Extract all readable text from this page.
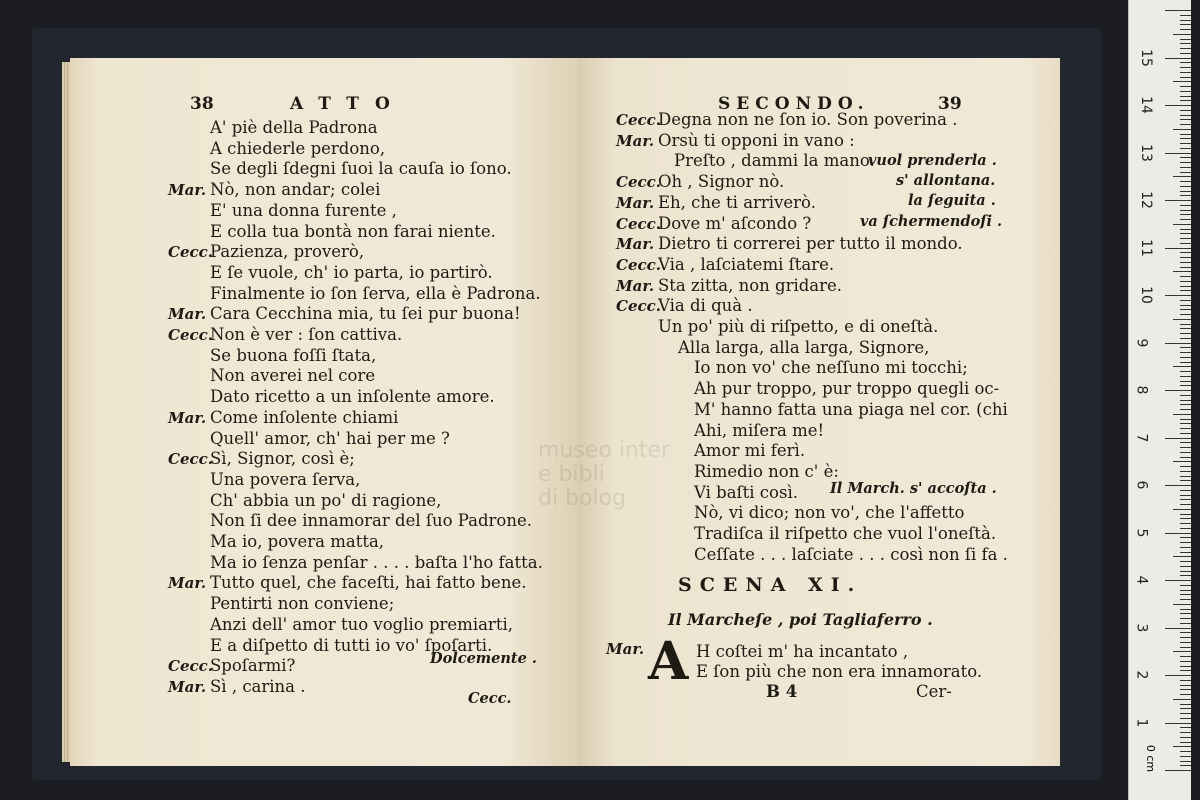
38	ATTO
A' piè della Padrona
A chiederle perdono,
Se degli ſdegni ſuoi la cauſa io ſono.
Mar. Nò, non andar; colei
E' una donna furente ,
E colla tua bontà non farai niente.
Cecc.
Pazienza, proverò,
E ſe vuole, ch' io parta, io partirò.
Finalmente io ſon ſerva, ella è Padrona.
Mar. Cara Cecchina mia, tu ſei pur buona!
Cecc.
Non è ver : ſon cattiva.
Se buona foſſi ſtata,
Non averei nel core
Dato ricetto a un inſolente amore.
Mar. Come inſolente chiami
Quell' amor, ch' hai per me ?
Cecc.
Sì, Signor, così è;
Una povera ſerva,
Ch' abbia un po' di ragione,
Non ſi dee innamorar del ſuo Padrone.
Ma io, povera matta,
Ma io ſenza penſar . . . . baſta l'ho fatta.
Mar. Tutto quel, che faceſti, hai fatto bene.
Pentirti non conviene;
Anzi dell' amor tuo voglio premiarti,
E a diſpetto di tutti io vo' ſpoſarti.
Cecc.
Spoſarmi?
Mar. Sì , carina .
Dolcemente .
Cecc.
SECONDO.	39
Cecc.
Degna non ne ſon io. Son poverina .
Mar. Orsù ti opponi in vano :
Preſto , dammi la mano.
Cecc.
Oh , Signor nò.
Mar. Eh, che ti arriverò.
Cecc.
Dove m' aſcondo ?
Mar. Dietro ti correrei per tutto il mondo.
Cecc.
Via , laſciatemi ſtare.
Mar. Sta zitta, non gridare.
Cecc.
Via di quà .
Un po' più di riſpetto, e di oneſtà.
Alla larga, alla larga, Signore,
Io non vo' che neſſuno mi tocchi;
Ah pur troppo, pur troppo quegli oc-
M' hanno fatta una piaga nel cor. (chi
Ahi, miſera me!
Amor mi ferì.
Rimedio non c' è:
Vi baſti così.
Nò, vi dico; non vo', che l'affetto
Tradiſca il riſpetto che vuol l'oneſtà.
Ceſſate . . . laſciate . . . così non ſi fa .
vuol prenderla .
s' allontana.
la ſeguita .
va ſchermendoſi .
Il March. s' accoſta .
SCENA XI.
Il Marcheſe , poi Tagliaferro .
Mar. A H coſtei m' ha incantato ,
E ſon più che non era innamorato.
B 4	Cer-
museo inter
e bibli
di bolog
15
14
13
12
11
10
9
8
7
6
5
4
3
2
1
0 cm
